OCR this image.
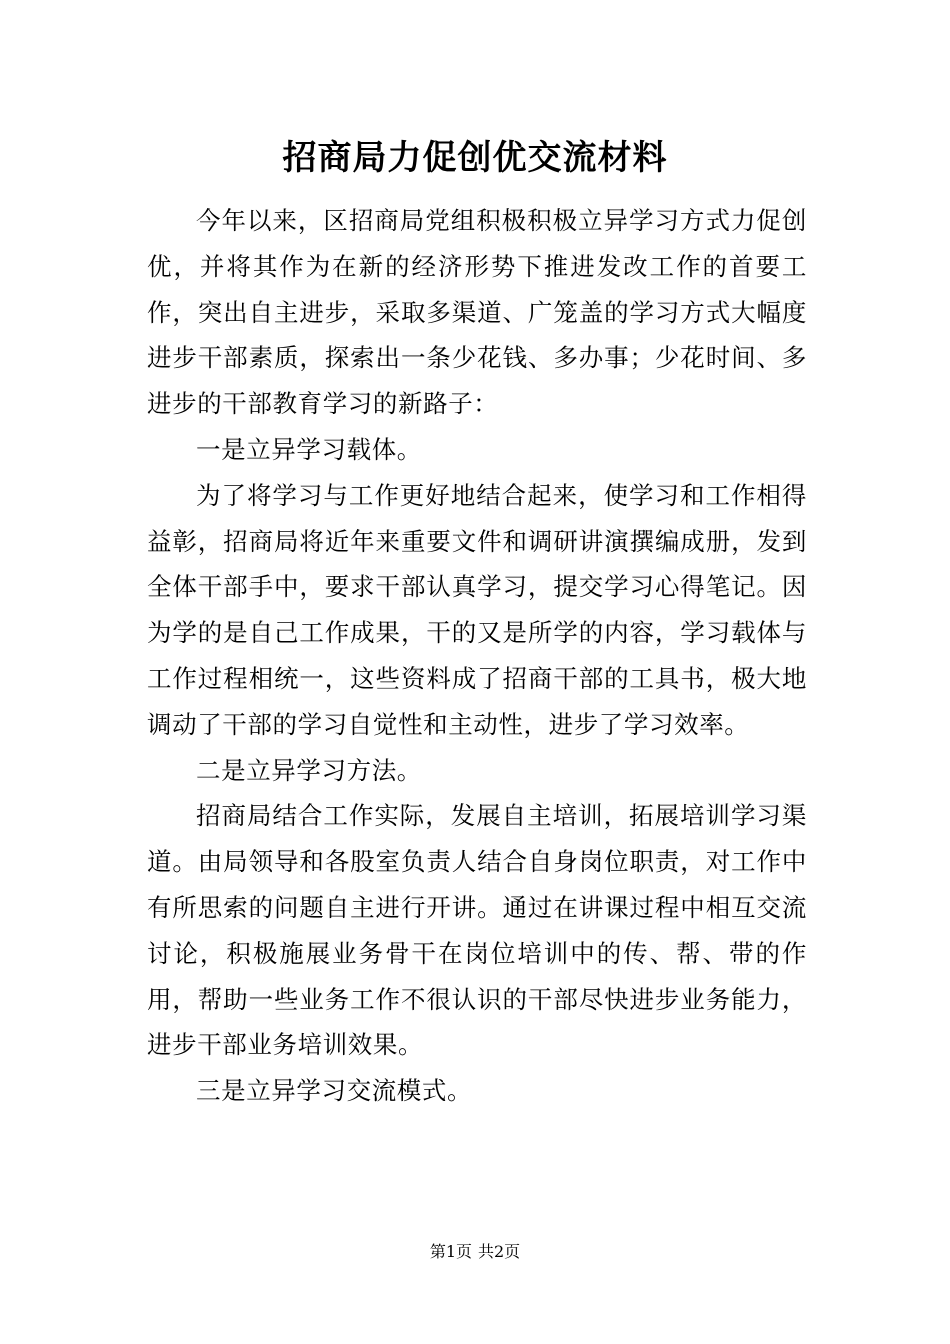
招商局力促创优交流材料

今年以来，区招商局党组积极积极立异学习方式力促创优，并将其作为在新的经济形势下推进发改工作的首要工作，突出自主进步，采取多渠道、广笼盖的学习方式大幅度进步干部素质，探索出一条少花钱、多办事；少花时间、多进步的干部教育学习的新路子：

一是立异学习载体。

为了将学习与工作更好地结合起来，使学习和工作相得益彰，招商局将近年来重要文件和调研讲演撰编成册，发到全体干部手中，要求干部认真学习，提交学习心得笔记。因为学的是自己工作成果，干的又是所学的内容，学习载体与工作过程相统一，这些资料成了招商干部的工具书，极大地调动了干部的学习自觉性和主动性，进步了学习效率。

二是立异学习方法。

招商局结合工作实际，发展自主培训，拓展培训学习渠道。由局领导和各股室负责人结合自身岗位职责，对工作中有所思索的问题自主进行开讲。通过在讲课过程中相互交流讨论，积极施展业务骨干在岗位培训中的传、帮、带的作用，帮助一些业务工作不很认识的干部尽快进步业务能力，进步干部业务培训效果。

三是立异学习交流模式。

第1页 共2页
